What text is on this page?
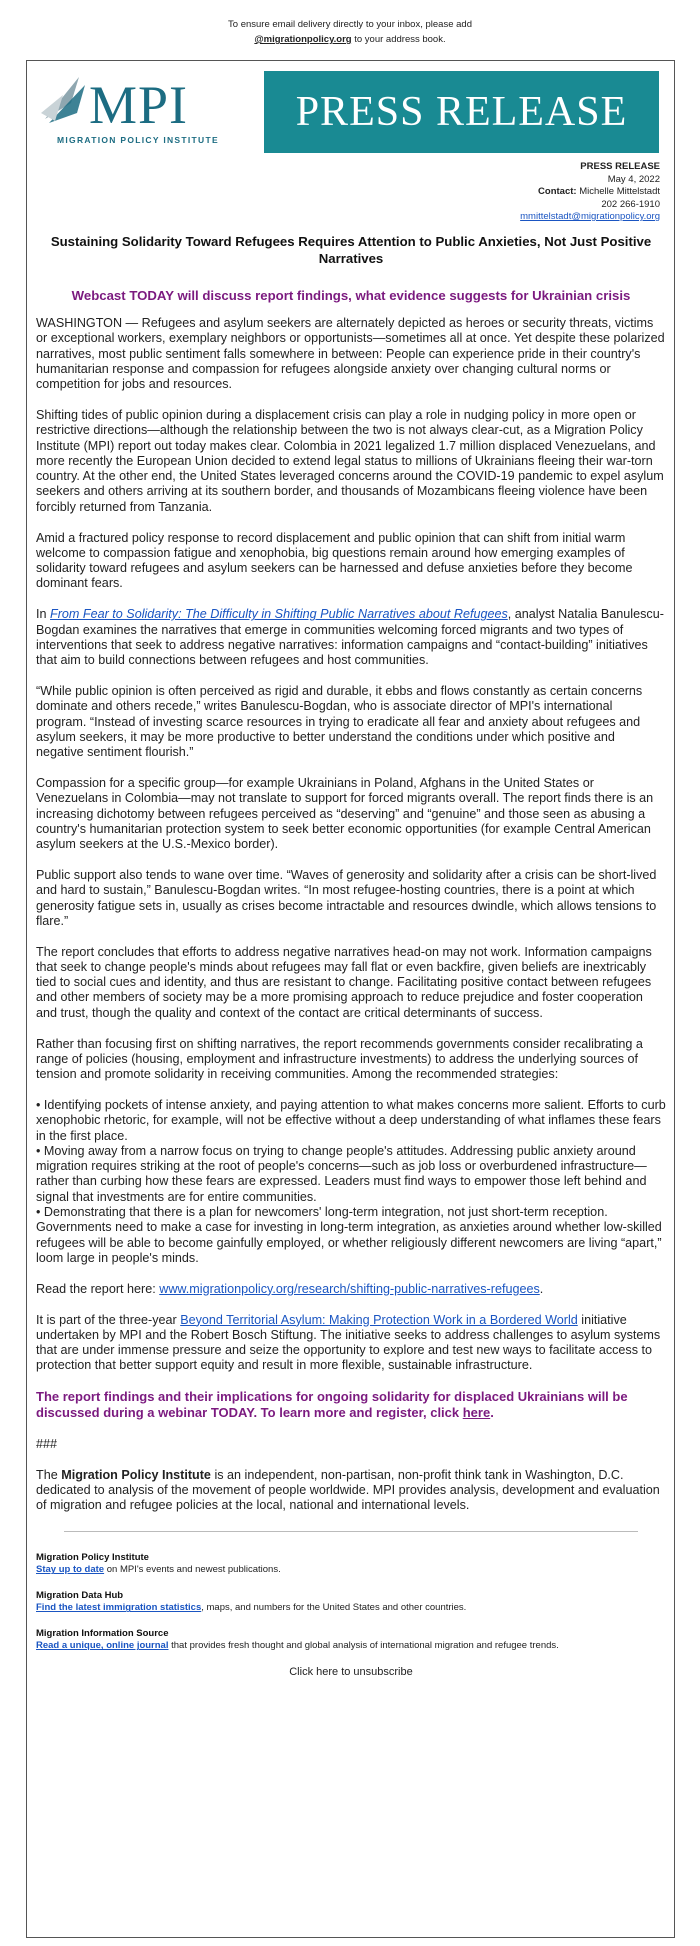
To ensure email delivery directly to your inbox, please add
@migrationpolicy.org to your address book.
MPI
MIGRATION POLICY INSTITUTE
PRESS RELEASE
PRESS RELEASE
May 4, 2022
Contact: Michelle Mittelstadt
202 266-1910
mmittelstadt@migrationpolicy.org
Sustaining Solidarity Toward Refugees Requires Attention to Public Anxieties, Not Just Positive Narratives
Webcast TODAY will discuss report findings, what evidence suggests for Ukrainian crisis

WASHINGTON — Refugees and asylum seekers are alternately depicted as heroes or security threats, victims or exceptional workers, exemplary neighbors or opportunists—sometimes all at once. Yet despite these polarized narratives, most public sentiment falls somewhere in between: People can experience pride in their country's humanitarian response and compassion for refugees alongside anxiety over changing cultural norms or competition for jobs and resources.

Shifting tides of public opinion during a displacement crisis can play a role in nudging policy in more open or restrictive directions—although the relationship between the two is not always clear-cut, as a Migration Policy Institute (MPI) report out today makes clear. Colombia in 2021 legalized 1.7 million displaced Venezuelans, and more recently the European Union decided to extend legal status to millions of Ukrainians fleeing their war-torn country. At the other end, the United States leveraged concerns around the COVID-19 pandemic to expel asylum seekers and others arriving at its southern border, and thousands of Mozambicans fleeing violence have been forcibly returned from Tanzania.

Amid a fractured policy response to record displacement and public opinion that can shift from initial warm welcome to compassion fatigue and xenophobia, big questions remain around how emerging examples of solidarity toward refugees and asylum seekers can be harnessed and defuse anxieties before they become dominant fears.

In From Fear to Solidarity: The Difficulty in Shifting Public Narratives about Refugees, analyst Natalia Banulescu-Bogdan examines the narratives that emerge in communities welcoming forced migrants and two types of interventions that seek to address negative narratives: information campaigns and “contact-building” initiatives that aim to build connections between refugees and host communities.

“While public opinion is often perceived as rigid and durable, it ebbs and flows constantly as certain concerns dominate and others recede,” writes Banulescu-Bogdan, who is associate director of MPI's international program. “Instead of investing scarce resources in trying to eradicate all fear and anxiety about refugees and asylum seekers, it may be more productive to better understand the conditions under which positive and negative sentiment flourish.”

Compassion for a specific group—for example Ukrainians in Poland, Afghans in the United States or Venezuelans in Colombia—may not translate to support for forced migrants overall. The report finds there is an increasing dichotomy between refugees perceived as “deserving” and “genuine” and those seen as abusing a country's humanitarian protection system to seek better economic opportunities (for example Central American asylum seekers at the U.S.-Mexico border).

Public support also tends to wane over time. “Waves of generosity and solidarity after a crisis can be short-lived and hard to sustain,” Banulescu-Bogdan writes. “In most refugee-hosting countries, there is a point at which generosity fatigue sets in, usually as crises become intractable and resources dwindle, which allows tensions to flare.”

The report concludes that efforts to address negative narratives head-on may not work. Information campaigns that seek to change people's minds about refugees may fall flat or even backfire, given beliefs are inextricably tied to social cues and identity, and thus are resistant to change. Facilitating positive contact between refugees and other members of society may be a more promising approach to reduce prejudice and foster cooperation and trust, though the quality and context of the contact are critical determinants of success.

Rather than focusing first on shifting narratives, the report recommends governments consider recalibrating a range of policies (housing, employment and infrastructure investments) to address the underlying sources of tension and promote solidarity in receiving communities. Among the recommended strategies:

• Identifying pockets of intense anxiety, and paying attention to what makes concerns more salient. Efforts to curb xenophobic rhetoric, for example, will not be effective without a deep understanding of what inflames these fears in the first place.
• Moving away from a narrow focus on trying to change people's attitudes. Addressing public anxiety around migration requires striking at the root of people's concerns—such as job loss or overburdened infrastructure—rather than curbing how these fears are expressed. Leaders must find ways to empower those left behind and signal that investments are for entire communities.
• Demonstrating that there is a plan for newcomers' long-term integration, not just short-term reception. Governments need to make a case for investing in long-term integration, as anxieties around whether low-skilled refugees will be able to become gainfully employed, or whether religiously different newcomers are living “apart,” loom large in people's minds.

Read the report here: www.migrationpolicy.org/research/shifting-public-narratives-refugees.

It is part of the three-year Beyond Territorial Asylum: Making Protection Work in a Bordered World initiative undertaken by MPI and the Robert Bosch Stiftung. The initiative seeks to address challenges to asylum systems that are under immense pressure and seize the opportunity to explore and test new ways to facilitate access to protection that better support equity and result in more flexible, sustainable infrastructure.

The report findings and their implications for ongoing solidarity for displaced Ukrainians will be discussed during a webinar TODAY. To learn more and register, click here.

###

The Migration Policy Institute is an independent, non-partisan, non-profit think tank in Washington, D.C. dedicated to analysis of the movement of people worldwide. MPI provides analysis, development and evaluation of migration and refugee policies at the local, national and international levels.

Migration Policy Institute
Stay up to date on MPI's events and newest publications.
Migration Data Hub
Find the latest immigration statistics, maps, and numbers for the United States and other countries.
Migration Information Source
Read a unique, online journal that provides fresh thought and global analysis of international migration and refugee trends.
Click here to unsubscribe
